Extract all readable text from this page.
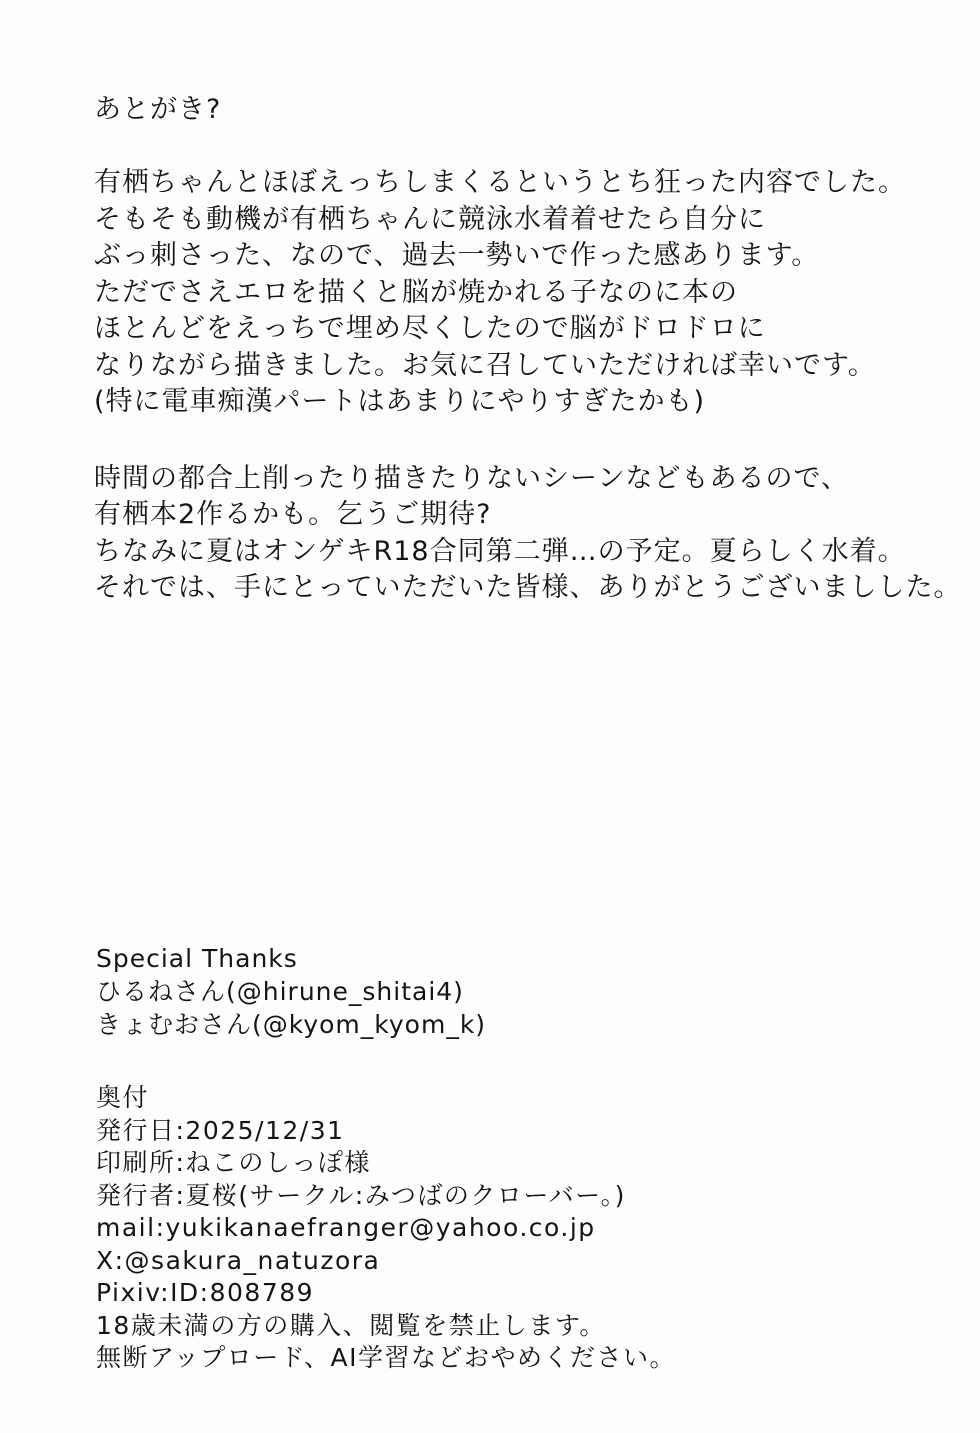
あとがき?
有栖ちゃんとほぼえっちしまくるというとち狂った内容でした。
そもそも動機が有栖ちゃんに競泳水着着せたら自分に
ぶっ刺さった、なので、過去一勢いで作った感あります。
ただでさえエロを描くと脳が焼かれる子なのに本の
ほとんどをえっちで埋め尽くしたので脳がドロドロに
なりながら描きました。お気に召していただければ幸いです。
(特に電車痴漢パートはあまりにやりすぎたかも)
時間の都合上削ったり描きたりないシーンなどもあるので、
有栖本2作るかも。乞うご期待?
ちなみに夏はオンゲキR18合同第二弾…の予定。夏らしく水着。
それでは、手にとっていただいた皆様、ありがとうございましした。
Special Thanks
ひるねさん(@hirune_shitai4)
きょむおさん(@kyom_kyom_k)
奥付
発行日:2025/12/31
印刷所:ねこのしっぽ様
発行者:夏桜(サークル:みつばのクローバー。)
mail:yukikanaefranger@yahoo.co.jp
X:@sakura_natuzora
Pixiv:ID:808789
18歳未満の方の購入、閲覧を禁止します。
無断アップロード、AI学習などおやめください。
